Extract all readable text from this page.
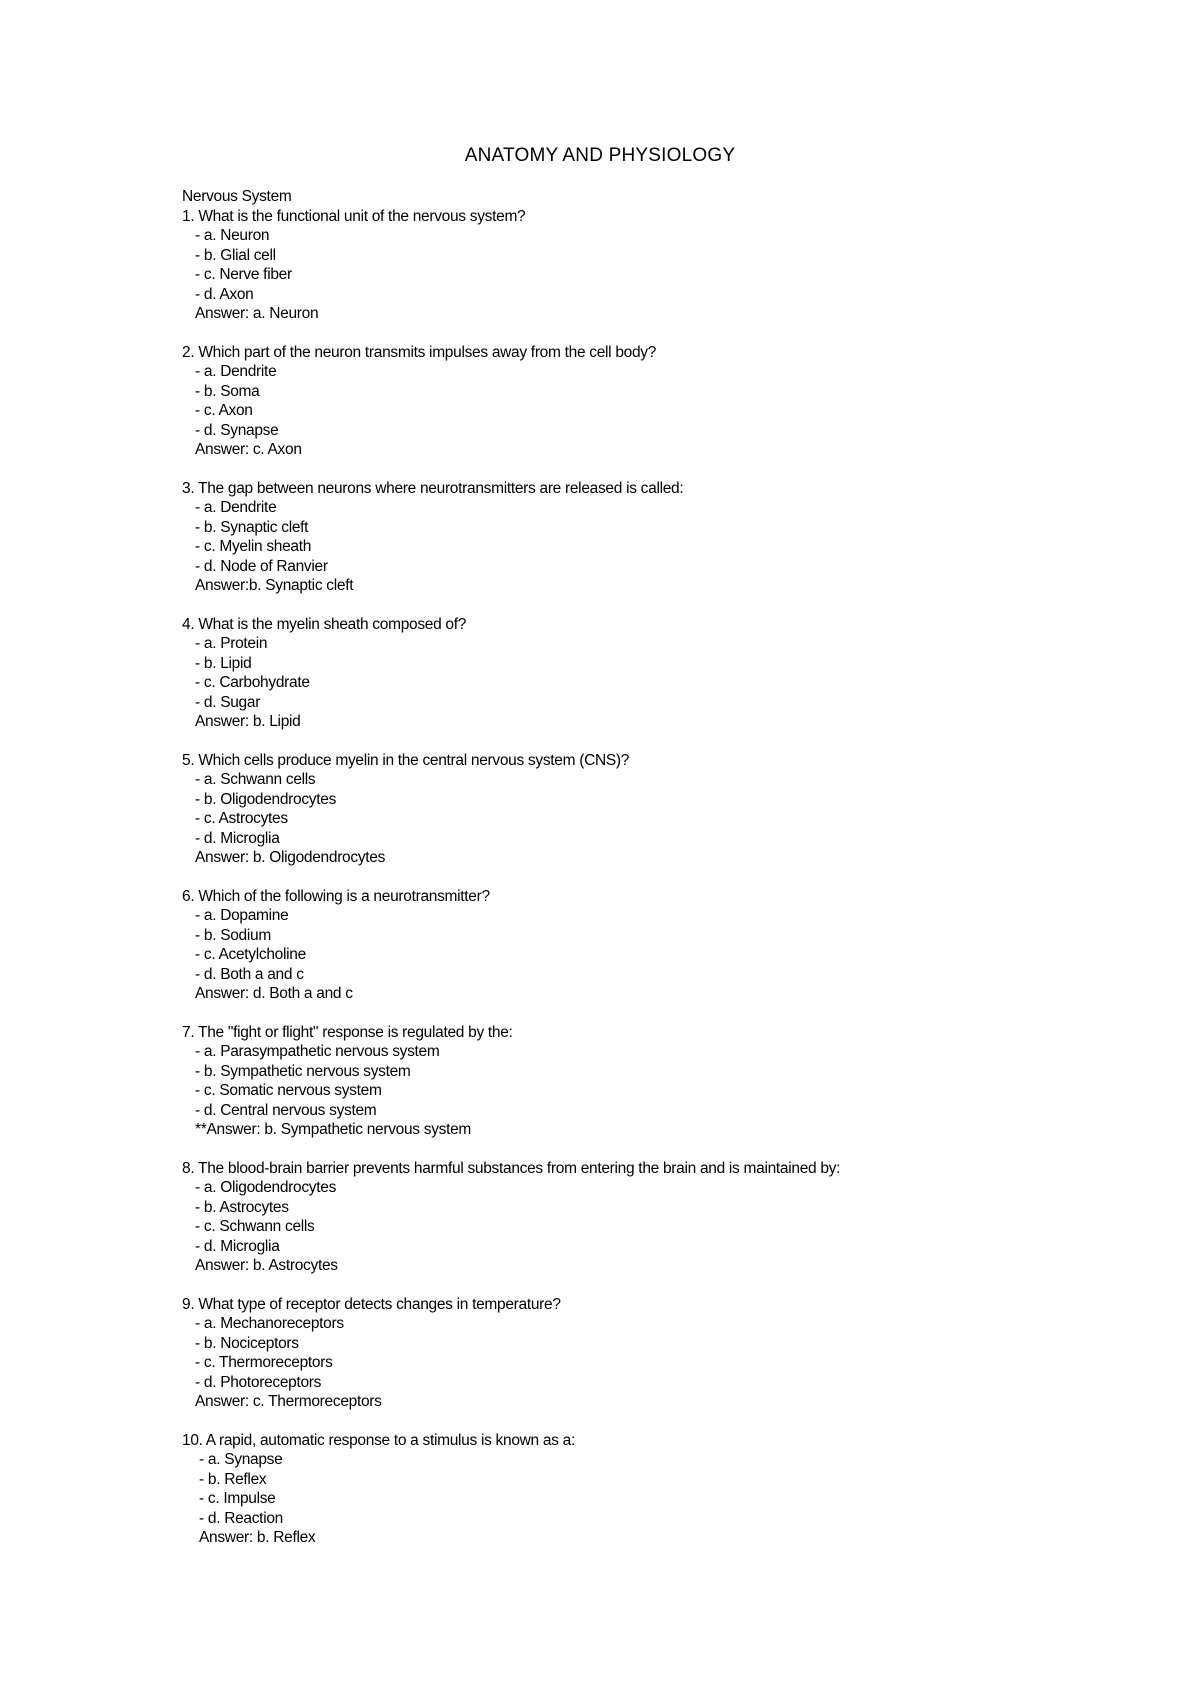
ANATOMY AND PHYSIOLOGY
Nervous System
1. What is the functional unit of the nervous system?
- a. Neuron
- b. Glial cell
- c. Nerve fiber
- d. Axon
Answer: a. Neuron
2. Which part of the neuron transmits impulses away from the cell body?
- a. Dendrite
- b. Soma
- c. Axon
- d. Synapse
Answer: c. Axon
3. The gap between neurons where neurotransmitters are released is called:
- a. Dendrite
- b. Synaptic cleft
- c. Myelin sheath
- d. Node of Ranvier
Answer:b. Synaptic cleft
4. What is the myelin sheath composed of?
- a. Protein
- b. Lipid
- c. Carbohydrate
- d. Sugar
Answer: b. Lipid
5. Which cells produce myelin in the central nervous system (CNS)?
- a. Schwann cells
- b. Oligodendrocytes
- c. Astrocytes
- d. Microglia
Answer: b. Oligodendrocytes
6. Which of the following is a neurotransmitter?
- a. Dopamine
- b. Sodium
- c. Acetylcholine
- d. Both a and c
Answer: d. Both a and c
7. The "fight or flight" response is regulated by the:
- a. Parasympathetic nervous system
- b. Sympathetic nervous system
- c. Somatic nervous system
- d. Central nervous system
**Answer: b. Sympathetic nervous system
8. The blood-brain barrier prevents harmful substances from entering the brain and is maintained by:
- a. Oligodendrocytes
- b. Astrocytes
- c. Schwann cells
- d. Microglia
Answer: b. Astrocytes
9. What type of receptor detects changes in temperature?
- a. Mechanoreceptors
- b. Nociceptors
- c. Thermoreceptors
- d. Photoreceptors
Answer: c. Thermoreceptors
10. A rapid, automatic response to a stimulus is known as a:
- a. Synapse
- b. Reflex
- c. Impulse
- d. Reaction
Answer: b. Reflex
